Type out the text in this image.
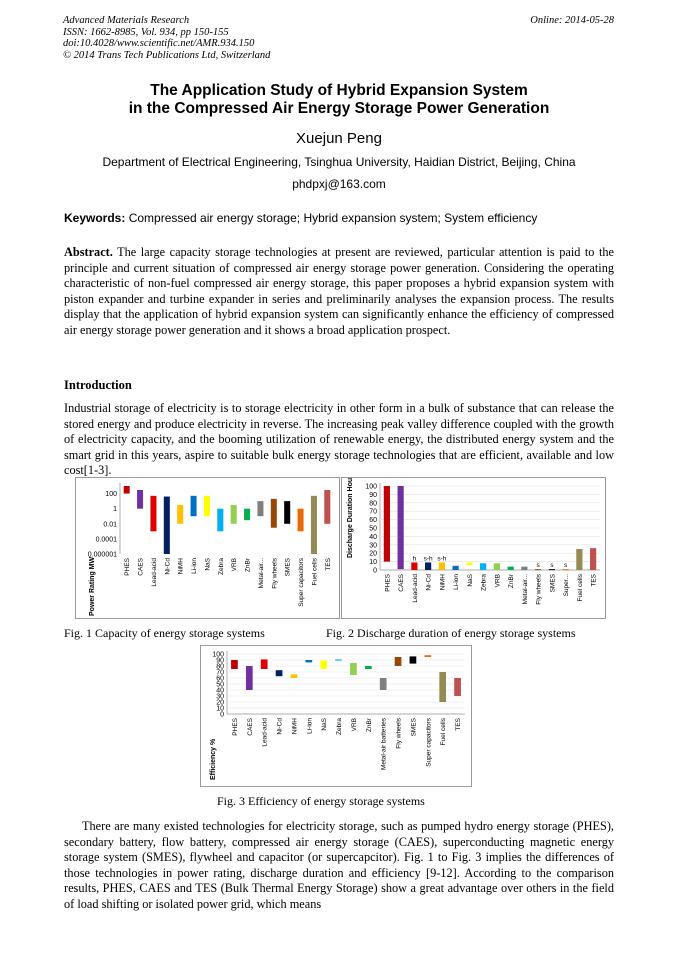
Advanced Materials Research
ISSN: 1662-8985, Vol. 934, pp 150-155
doi:10.4028/www.scientific.net/AMR.934.150
© 2014 Trans Tech Publications Ltd, Switzerland
Online: 2014-05-28
The Application Study of Hybrid Expansion System
in the Compressed Air Energy Storage Power Generation
Xuejun Peng
Department of Electrical Engineering, Tsinghua University, Haidian District, Beijing, China
phdpxj@163.com
Keywords: Compressed air energy storage; Hybrid expansion system; System efficiency
Abstract. The large capacity storage technologies at present are reviewed, particular attention is paid to the principle and current situation of compressed air energy storage power generation. Considering the operating characteristic of non-fuel compressed air energy storage, this paper proposes a hybrid expansion system with piston expander and turbine expander in series and preliminarily analyses the expansion process. The results display that the application of hybrid expansion system can significantly enhance the efficiency of compressed air energy storage power generation and it shows a broad application prospect.
Introduction
Industrial storage of electricity is to storage electricity in other form in a bulk of substance that can release the stored energy and produce electricity in reverse. The increasing peak valley difference coupled with the growth of electricity capacity, and the booming utilization of renewable energy, the distributed energy system and the smart grid in this years, aspire to suitable bulk energy storage technologies that are efficient, available and low cost[1-3].
100
1
0.01
0.0001
0.000001
PHES CAES Lead-acid Ni-Cd NiMH Li-ion NaS Zebra VRB ZnBr Metal-air... Fly wheels SMES Super capacitors Fuel cells TES
Power Rating MW
100
90
80
70
60
50
40
30
20
10
0
PHES CAES
h
Lead-acid
s-h
Ni-Cd
s-h
NiMH Li-ion NaS Zebra VRB ZnBr Metal-air...
s
Fly wheels
s
SMES
s
Super... Fuel cells TES
Discharge Duration Hours
Fig. 1 Capacity of energy storage systems	Fig. 2 Discharge duration of energy storage systems
100
90
80
70
60
50
40
30
20
10
0
PHES CAES Lead-acid Ni-Cd NiMH Li-ion NaS Zebra VRB ZnBr Metal-air batteries Fly wheels SMES Super capacitors Fuel cells TES
Efficiency %
Fig. 3 Efficiency of energy storage systems
There are many existed technologies for electricity storage, such as pumped hydro energy storage (PHES), secondary battery, flow battery, compressed air energy storage (CAES), superconducting magnetic energy storage system (SMES), flywheel and capacitor (or supercapcitor). Fig. 1 to Fig. 3 implies the differences of those technologies in power rating, discharge duration and efficiency [9-12]. According to the comparison results, PHES, CAES and TES (Bulk Thermal Energy Storage) show a great advantage over others in the field of load shifting or isolated power grid, which means
